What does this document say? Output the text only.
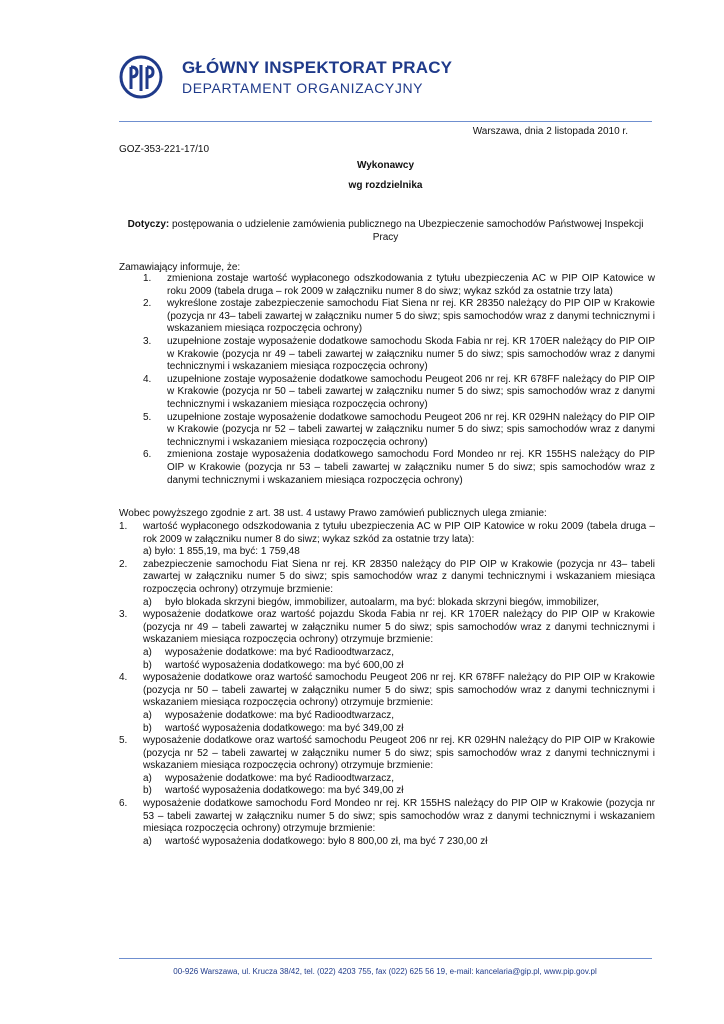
GŁÓWNY INSPEKTORAT PRACY
DEPARTAMENT ORGANIZACYJNY
Warszawa, dnia 2 listopada 2010 r.
GOZ-353-221-17/10
Wykonawcy
wg rozdzielnika
Dotyczy: postępowania o udzielenie zamówienia publicznego na Ubezpieczenie samochodów Państwowej Inspekcji Pracy
Zamawiający informuje, że:
1. zmieniona zostaje wartość wypłaconego odszkodowania z tytułu ubezpieczenia AC w PIP OIP Katowice w roku 2009 (tabela druga – rok 2009 w załączniku numer 8 do siwz; wykaz szkód za ostatnie trzy lata)
2. wykreślone zostaje zabezpieczenie samochodu Fiat Siena nr rej. KR 28350 należący do PIP OIP w Krakowie (pozycja nr 43– tabeli zawartej w załączniku numer 5 do siwz; spis samochodów wraz z danymi technicznymi i wskazaniem miesiąca rozpoczęcia ochrony)
3. uzupełnione zostaje wyposażenie dodatkowe samochodu Skoda Fabia nr rej. KR 170ER należący do PIP OIP w Krakowie (pozycja nr 49 – tabeli zawartej w załączniku numer 5 do siwz; spis samochodów wraz z danymi technicznymi i wskazaniem miesiąca rozpoczęcia ochrony)
4. uzupełnione zostaje wyposażenie dodatkowe samochodu Peugeot 206 nr rej. KR 678FF należący do PIP OIP w Krakowie (pozycja nr 50 – tabeli zawartej w załączniku numer 5 do siwz; spis samochodów wraz z danymi technicznymi i wskazaniem miesiąca rozpoczęcia ochrony)
5. uzupełnione zostaje wyposażenie dodatkowe samochodu Peugeot 206 nr rej. KR 029HN należący do PIP OIP w Krakowie (pozycja nr 52 – tabeli zawartej w załączniku numer 5 do siwz; spis samochodów wraz z danymi technicznymi i wskazaniem miesiąca rozpoczęcia ochrony)
6. zmieniona zostaje wyposażenia dodatkowego samochodu Ford Mondeo nr rej. KR 155HS należący do PIP OIP w Krakowie (pozycja nr 53 – tabeli zawartej w załączniku numer 5 do siwz; spis samochodów wraz z danymi technicznymi i wskazaniem miesiąca rozpoczęcia ochrony)
Wobec powyższego zgodnie z art. 38 ust. 4 ustawy Prawo zamówień publicznych ulega zmianie:
1. wartość wypłaconego odszkodowania z tytułu ubezpieczenia AC w PIP OIP Katowice w roku 2009 (tabela druga – rok 2009 w załączniku numer 8 do siwz; wykaz szkód za ostatnie trzy lata):
a) było: 1 855,19, ma być: 1 759,48
2. zabezpieczenie samochodu Fiat Siena nr rej. KR 28350 należący do PIP OIP w Krakowie (pozycja nr 43– tabeli zawartej w załączniku numer 5 do siwz; spis samochodów wraz z danymi technicznymi i wskazaniem miesiąca rozpoczęcia ochrony) otrzymuje brzmienie:
a) było blokada skrzyni biegów, immobilizer, autoalarm, ma być: blokada skrzyni biegów, immobilizer,
3. wyposażenie dodatkowe oraz wartość pojazdu Skoda Fabia nr rej. KR 170ER należący do PIP OIP w Krakowie (pozycja nr 49 – tabeli zawartej w załączniku numer 5 do siwz; spis samochodów wraz z danymi technicznymi i wskazaniem miesiąca rozpoczęcia ochrony) otrzymuje brzmienie:
a) wyposażenie dodatkowe: ma być Radioodtwarzacz,
b) wartość wyposażenia dodatkowego: ma być 600,00 zł
4. wyposażenie dodatkowe oraz wartość samochodu Peugeot 206 nr rej. KR 678FF należący do PIP OIP w Krakowie (pozycja nr 50 – tabeli zawartej w załączniku numer 5 do siwz; spis samochodów wraz z danymi technicznymi i wskazaniem miesiąca rozpoczęcia ochrony) otrzymuje brzmienie:
a) wyposażenie dodatkowe: ma być Radioodtwarzacz,
b) wartość wyposażenia dodatkowego: ma być 349,00 zł
5. wyposażenie dodatkowe oraz wartość samochodu Peugeot 206 nr rej. KR 029HN należący do PIP OIP w Krakowie (pozycja nr 52 – tabeli zawartej w załączniku numer 5 do siwz; spis samochodów wraz z danymi technicznymi i wskazaniem miesiąca rozpoczęcia ochrony) otrzymuje brzmienie:
a) wyposażenie dodatkowe: ma być Radioodtwarzacz,
b) wartość wyposażenia dodatkowego: ma być 349,00 zł
6. wyposażenie dodatkowe samochodu Ford Mondeo nr rej. KR 155HS należący do PIP OIP w Krakowie (pozycja nr 53 – tabeli zawartej w załączniku numer 5 do siwz; spis samochodów wraz z danymi technicznymi i wskazaniem miesiąca rozpoczęcia ochrony) otrzymuje brzmienie:
a) wartość wyposażenia dodatkowego: było 8 800,00 zł, ma być 7 230,00 zł
00-926 Warszawa, ul. Krucza 38/42, tel. (022) 4203 755, fax (022) 625 56 19, e-mail: kancelaria@gip.pl, www.pip.gov.pl
